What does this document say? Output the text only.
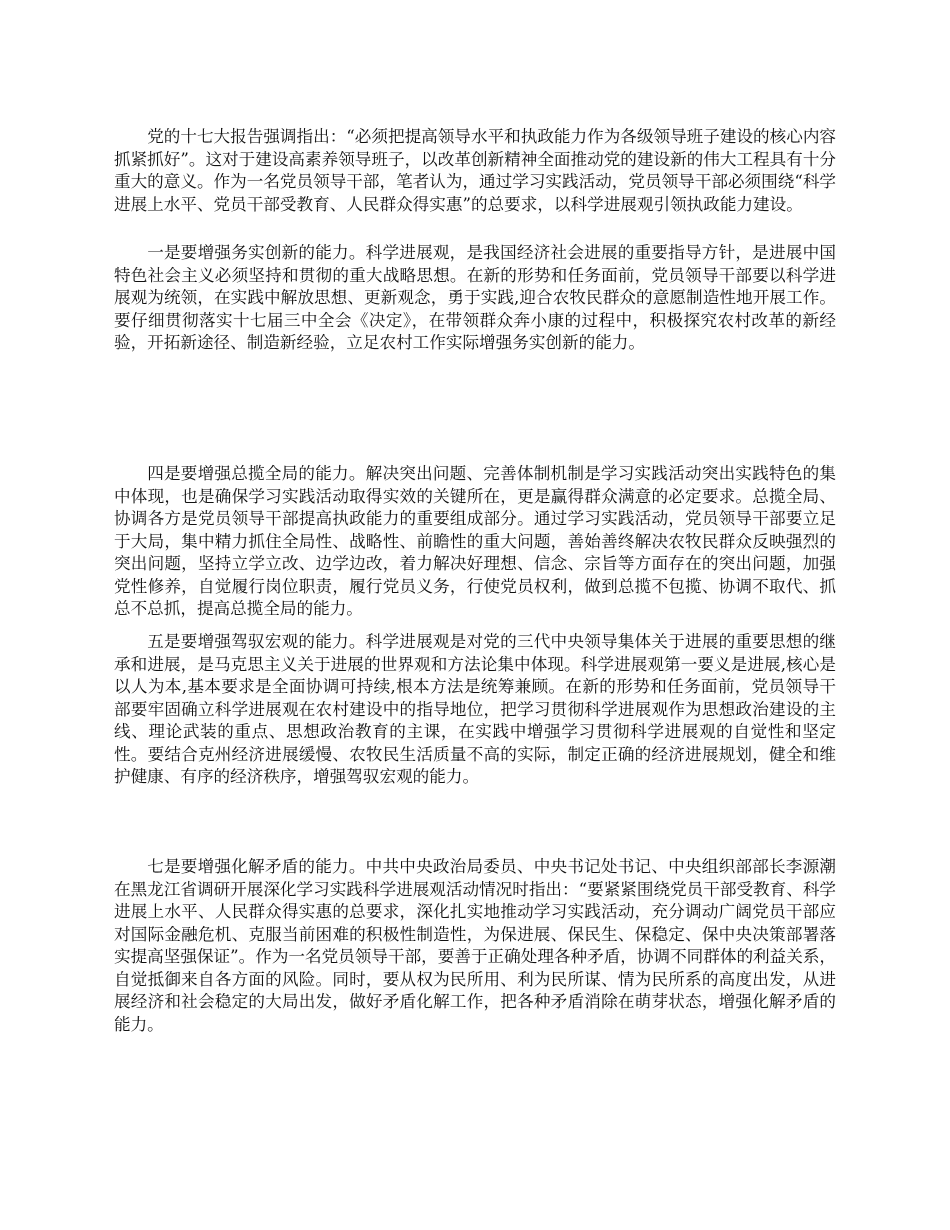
党的十七大报告强调指出：“必须把提高领导水平和执政能力作为各级领导班子建设的核心内容抓紧抓好”。这对于建设高素养领导班子，以改革创新精神全面推动党的建设新的伟大工程具有十分重大的意义。作为一名党员领导干部，笔者认为，通过学习实践活动，党员领导干部必须围绕“科学进展上水平、党员干部受教育、人民群众得实惠”的总要求，以科学进展观引领执政能力建设。

一是要增强务实创新的能力。科学进展观，是我国经济社会进展的重要指导方针，是进展中国特色社会主义必须坚持和贯彻的重大战略思想。在新的形势和任务面前，党员领导干部要以科学进展观为统领，在实践中解放思想、更新观念，勇于实践,迎合农牧民群众的意愿制造性地开展工作。要仔细贯彻落实十七届三中全会《决定》，在带领群众奔小康的过程中，积极探究农村改革的新经验，开拓新途径、制造新经验，立足农村工作实际增强务实创新的能力。

四是要增强总揽全局的能力。解决突出问题、完善体制机制是学习实践活动突出实践特色的集中体现，也是确保学习实践活动取得实效的关键所在，更是赢得群众满意的必定要求。总揽全局、协调各方是党员领导干部提高执政能力的重要组成部分。通过学习实践活动，党员领导干部要立足于大局，集中精力抓住全局性、战略性、前瞻性的重大问题，善始善终解决农牧民群众反映强烈的突出问题，坚持立学立改、边学边改，着力解决好理想、信念、宗旨等方面存在的突出问题，加强党性修养，自觉履行岗位职责，履行党员义务，行使党员权利，做到总揽不包揽、协调不取代、抓总不总抓，提高总揽全局的能力。

五是要增强驾驭宏观的能力。科学进展观是对党的三代中央领导集体关于进展的重要思想的继承和进展，是马克思主义关于进展的世界观和方法论集中体现。科学进展观第一要义是进展,核心是以人为本,基本要求是全面协调可持续,根本方法是统筹兼顾。在新的形势和任务面前，党员领导干部要牢固确立科学进展观在农村建设中的指导地位，把学习贯彻科学进展观作为思想政治建设的主线、理论武装的重点、思想政治教育的主课，在实践中增强学习贯彻科学进展观的自觉性和坚定性。要结合克州经济进展缓慢、农牧民生活质量不高的实际，制定正确的经济进展规划，健全和维护健康、有序的经济秩序，增强驾驭宏观的能力。

七是要增强化解矛盾的能力。中共中央政治局委员、中央书记处书记、中央组织部部长李源潮在黑龙江省调研开展深化学习实践科学进展观活动情况时指出：“要紧紧围绕党员干部受教育、科学进展上水平、人民群众得实惠的总要求，深化扎实地推动学习实践活动，充分调动广阔党员干部应对国际金融危机、克服当前困难的积极性制造性，为保进展、保民生、保稳定、保中央决策部署落实提高坚强保证”。作为一名党员领导干部，要善于正确处理各种矛盾，协调不同群体的利益关系，自觉抵御来自各方面的风险。同时，要从权为民所用、利为民所谋、情为民所系的高度出发，从进展经济和社会稳定的大局出发，做好矛盾化解工作，把各种矛盾消除在萌芽状态，增强化解矛盾的能力。
